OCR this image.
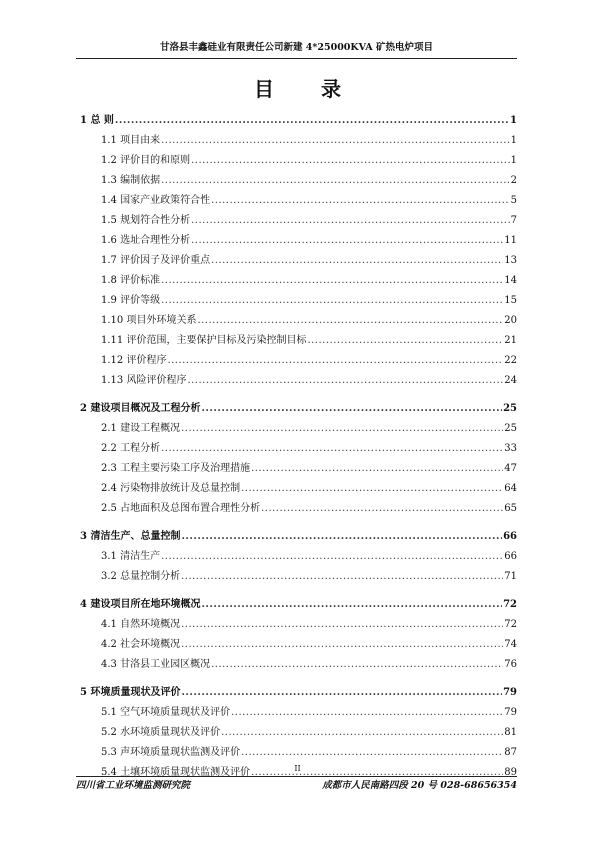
甘洛县丰鑫硅业有限责任公司新建 4*25000KVA 矿热电炉项目
目 录
1 总 则 .....	1
1.1 项目由来 .....	1
1.2 评价目的和原则 .....	1
1.3 编制依据 .....	2
1.4 国家产业政策符合性 .....	5
1.5 规划符合性分析 .....	7
1.6 选址合理性分析 .....	11
1.7 评价因子及评价重点 .....	13
1.8 评价标准 .....	14
1.9 评价等级 .....	15
1.10 项目外环境关系 .....	20
1.11 评价范围，主要保护目标及污染控制目标 .....	21
1.12 评价程序 .....	22
1.13 风险评价程序 .....	24
2 建设项目概况及工程分析 .....	25
2.1 建设工程概况 .....	25
2.2 工程分析 .....	33
2.3 工程主要污染工序及治理措施 .....	47
2.4 污染物排放统计及总量控制 .....	64
2.5 占地面积及总图布置合理性分析 .....	65
3 清洁生产、总量控制 .....	66
3.1 清洁生产 .....	66
3.2 总量控制分析 .....	71
4 建设项目所在地环境概况 .....	72
4.1 自然环境概况 .....	72
4.2 社会环境概况 .....	74
4.3 甘洛县工业园区概况 .....	76
5 环境质量现状及评价 .....	79
5.1 空气环境质量现状及评价 .....	79
5.2 水环境质量现状及评价 .....	81
5.3 声环境质量现状监测及评价 .....	87
5.4 土壤环境质量现状监测及评价 .....	89
II
四川省工业环境监测研究院	成都市人民南路四段 20 号 028-68656354
